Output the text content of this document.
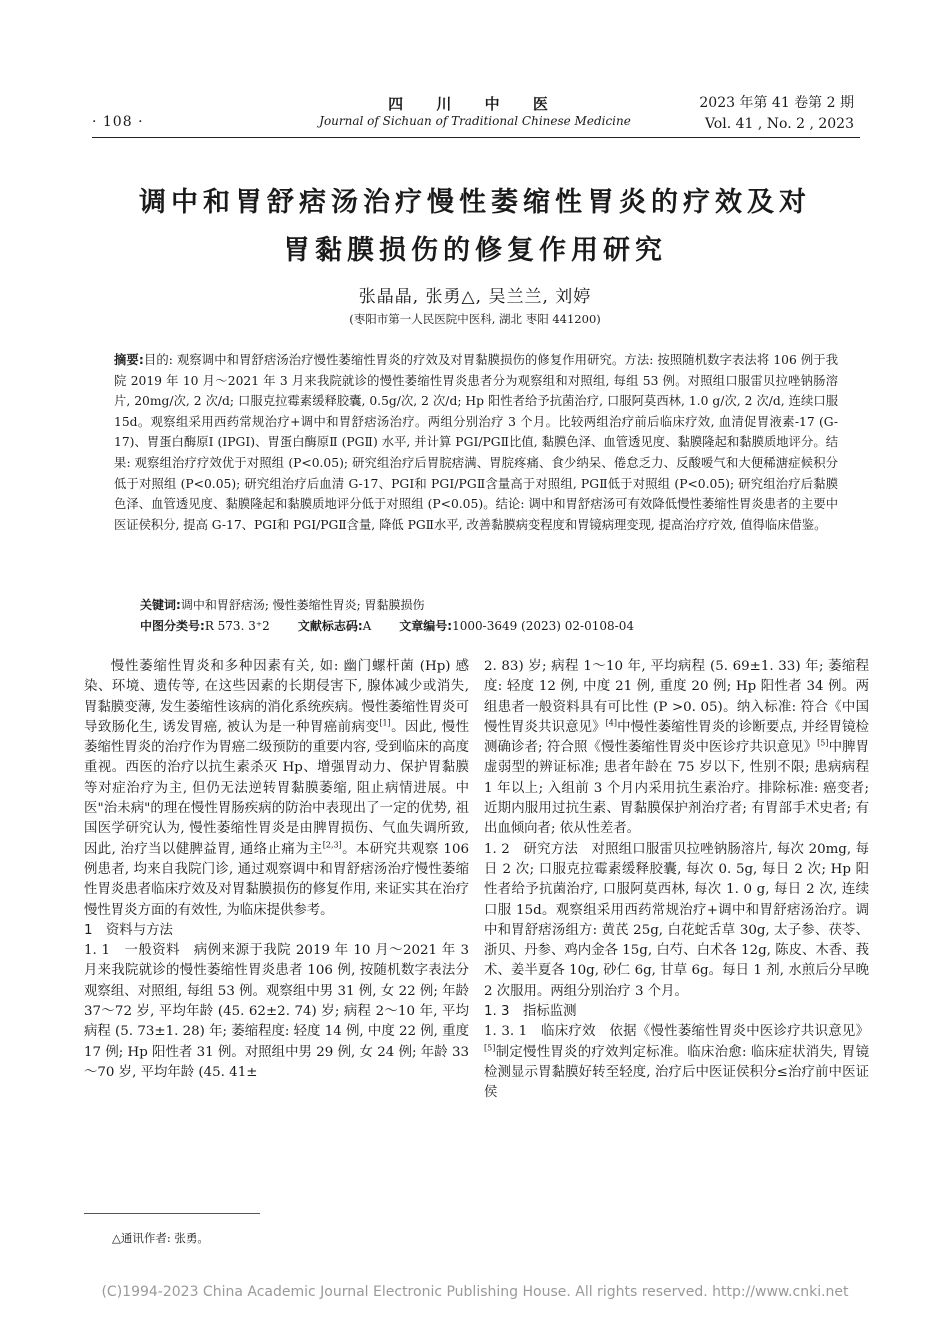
· 108 ·
四 川 中 医
Journal of Sichuan of Traditional Chinese Medicine
2023 年第 41 卷第 2 期
Vol. 41 , No. 2 , 2023
调中和胃舒痞汤治疗慢性萎缩性胃炎的疗效及对
胃黏膜损伤的修复作用研究
张晶晶, 张勇△, 吴兰兰, 刘婷
(枣阳市第一人民医院中医科, 湖北 枣阳 441200)
摘要:目的: 观察调中和胃舒痞汤治疗慢性萎缩性胃炎的疗效及对胃黏膜损伤的修复作用研究。方法: 按照随机数字表法将 106 例于我院 2019 年 10 月～2021 年 3 月来我院就诊的慢性萎缩性胃炎患者分为观察组和对照组, 每组 53 例。对照组口服雷贝拉唑钠肠溶片, 20mg/次, 2 次/d; 口服克拉霉素缓释胶囊, 0.5g/次, 2 次/d; Hp 阳性者给予抗菌治疗, 口服阿莫西林, 1.0 g/次, 2 次/d, 连续口服 15d。观察组采用西药常规治疗+调中和胃舒痞汤治疗。两组分别治疗 3 个月。比较两组治疗前后临床疗效, 血清促胃液素-17 (G-17)、胃蛋白酶原Ⅰ (ⅠPGⅠ)、胃蛋白酶原Ⅱ (PGⅡ) 水平, 并计算 PGⅠ/PGⅡ比值, 黏膜色泽、血管透见度、黏膜隆起和黏膜质地评分。结果: 观察组治疗疗效优于对照组 (P<0.05); 研究组治疗后胃脘痞满、胃脘疼痛、食少纳呆、倦怠乏力、反酸嗳气和大便稀溏症候积分低于对照组 (P<0.05); 研究组治疗后血清 G-17、PGⅠ和 PGⅠ/PGⅡ含量高于对照组, PGⅡ低于对照组 (P<0.05); 研究组治疗后黏膜色泽、血管透见度、黏膜隆起和黏膜质地评分低于对照组 (P<0.05)。结论: 调中和胃舒痞汤可有效降低慢性萎缩性胃炎患者的主要中医证侯积分, 提高 G-17、PGⅠ和 PGⅠ/PGⅡ含量, 降低 PGⅡ水平, 改善黏膜病变程度和胃镜病理变现, 提高治疗疗效, 值得临床借鉴。
关键词:调中和胃舒痞汤; 慢性萎缩性胃炎; 胃黏膜损伤
中图分类号:R 573. 3⁺2 文献标志码:A 文章编号:1000-3649 (2023) 02-0108-04

慢性萎缩性胃炎和多种因素有关, 如: 幽门螺杆菌 (Hp) 感染、环境、遗传等, 在这些因素的长期侵害下, 腺体减少或消失, 胃黏膜变薄, 发生萎缩性该病的消化系统疾病。慢性萎缩性胃炎可导致肠化生, 诱发胃癌, 被认为是一种胃癌前病变[1]。因此, 慢性萎缩性胃炎的治疗作为胃癌二级预防的重要内容, 受到临床的高度重视。西医的治疗以抗生素杀灭 Hp、增强胃动力、保护胃黏膜等对症治疗为主, 但仍无法逆转胃黏膜萎缩, 阻止病情进展。中医"治未病"的理在慢性胃肠疾病的防治中表现出了一定的优势, 祖国医学研究认为, 慢性萎缩性胃炎是由脾胃损伤、气血失调所致, 因此, 治疗当以健脾益胃, 通络止痛为主[2,3]。本研究共观察 106 例患者, 均来自我院门诊, 通过观察调中和胃舒痞汤治疗慢性萎缩性胃炎患者临床疗效及对胃黏膜损伤的修复作用, 来证实其在治疗慢性胃炎方面的有效性, 为临床提供参考。

1　资料与方法

1. 1　一般资料　病例来源于我院 2019 年 10 月～2021 年 3 月来我院就诊的慢性萎缩性胃炎患者 106 例, 按随机数字表法分观察组、对照组, 每组 53 例。观察组中男 31 例, 女 22 例; 年龄 37～72 岁, 平均年龄 (45. 62±2. 74) 岁; 病程 2～10 年, 平均病程 (5. 73±1. 28) 年; 萎缩程度: 轻度 14 例, 中度 22 例, 重度 17 例; Hp 阳性者 31 例。对照组中男 29 例, 女 24 例; 年龄 33～70 岁, 平均年龄 (45. 41±

2. 83) 岁; 病程 1～10 年, 平均病程 (5. 69±1. 33) 年; 萎缩程度: 轻度 12 例, 中度 21 例, 重度 20 例; Hp 阳性者 34 例。两组患者一般资料具有可比性 (P >0. 05)。纳入标准: 符合《中国慢性胃炎共识意见》[4]中慢性萎缩性胃炎的诊断要点, 并经胃镜检测确诊者; 符合照《慢性萎缩性胃炎中医诊疗共识意见》[5]中脾胃虚弱型的辨证标准; 患者年龄在 75 岁以下, 性别不限; 患病病程 1 年以上; 入组前 3 个月内采用抗生素治疗。排除标准: 癌变者; 近期内服用过抗生素、胃黏膜保护剂治疗者; 有胃部手术史者; 有出血倾向者; 依从性差者。

1. 2　研究方法　对照组口服雷贝拉唑钠肠溶片, 每次 20mg, 每日 2 次; 口服克拉霉素缓释胶囊, 每次 0. 5g, 每日 2 次; Hp 阳性者给予抗菌治疗, 口服阿莫西林, 每次 1. 0 g, 每日 2 次, 连续口服 15d。观察组采用西药常规治疗+调中和胃舒痞汤治疗。调中和胃舒痞汤组方: 黄芪 25g, 白花蛇舌草 30g, 太子参、茯苓、浙贝、丹参、鸡内金各 15g, 白芍、白术各 12g, 陈皮、木香、莪术、姜半夏各 10g, 砂仁 6g, 甘草 6g。每日 1 剂, 水煎后分早晚 2 次服用。两组分别治疗 3 个月。

1. 3　指标监测

1. 3. 1　临床疗效　依据《慢性萎缩性胃炎中医诊疗共识意见》[5]制定慢性胃炎的疗效判定标准。临床治愈: 临床症状消失, 胃镜检测显示胃黏膜好转至轻度, 治疗后中医证侯积分≤治疗前中医证侯

△通讯作者: 张勇。
(C)1994-2023 China Academic Journal Electronic Publishing House. All rights reserved. http://www.cnki.net
